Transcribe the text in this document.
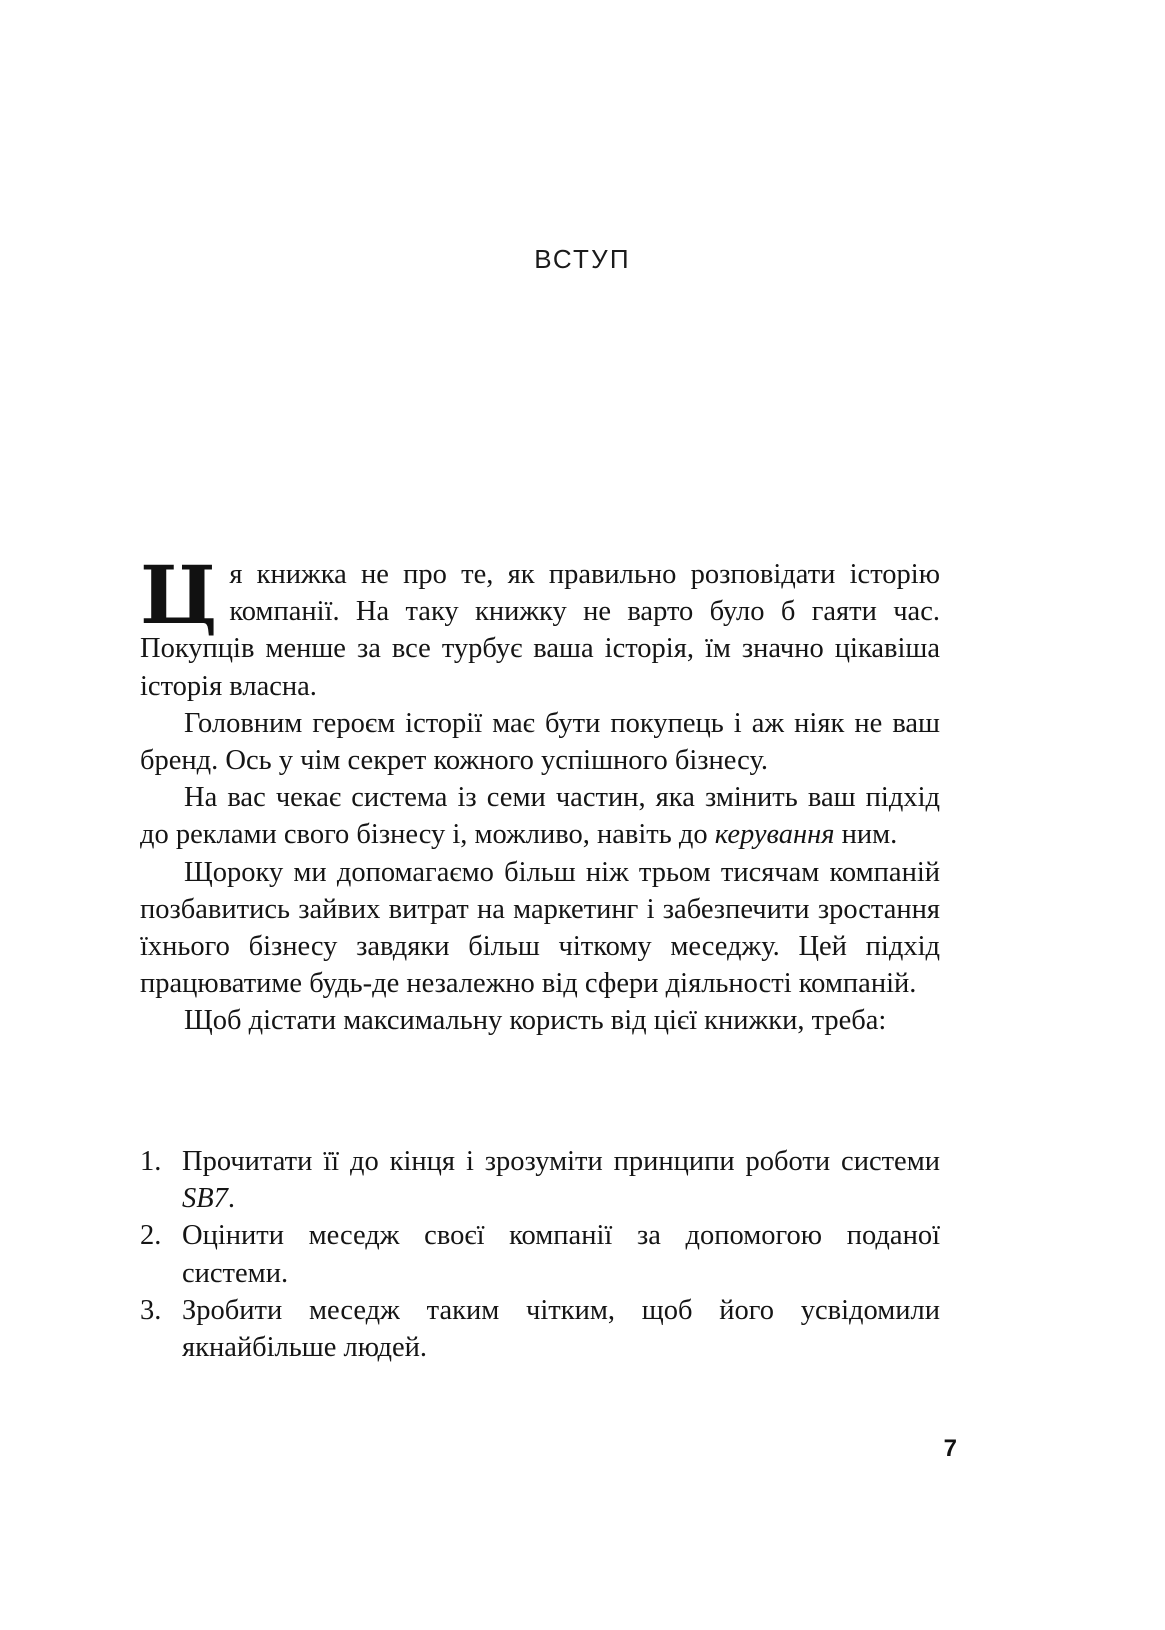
ВСТУП

Ц я книжка не про те, як правильно розповідати історію компанії. На таку книжку не варто було б гаяти час. Покупців менше за все турбує ваша історія, їм значно цікавіша історія власна.

Головним героєм історії має бути покупець і аж ніяк не ваш бренд. Ось у чім секрет кожного успішного бізнесу.

На вас чекає система із семи частин, яка змінить ваш підхід до реклами свого бізнесу і, можливо, навіть до керування ним.

Щороку ми допомагаємо більш ніж трьом тисячам компаній позбавитись зайвих витрат на маркетинг і забезпечити зростання їхнього бізнесу завдяки більш чіткому меседжу. Цей підхід працюватиме будь-де незалежно від сфери діяльності компаній.

Щоб дістати максимальну користь від цієї книжки, треба:

1. Прочитати її до кінця і зрозуміти принципи роботи системи SB7.
2. Оцінити меседж своєї компанії за допомогою поданої системи.
3. Зробити меседж таким чітким, щоб його усвідомили якнайбільше людей.
7
